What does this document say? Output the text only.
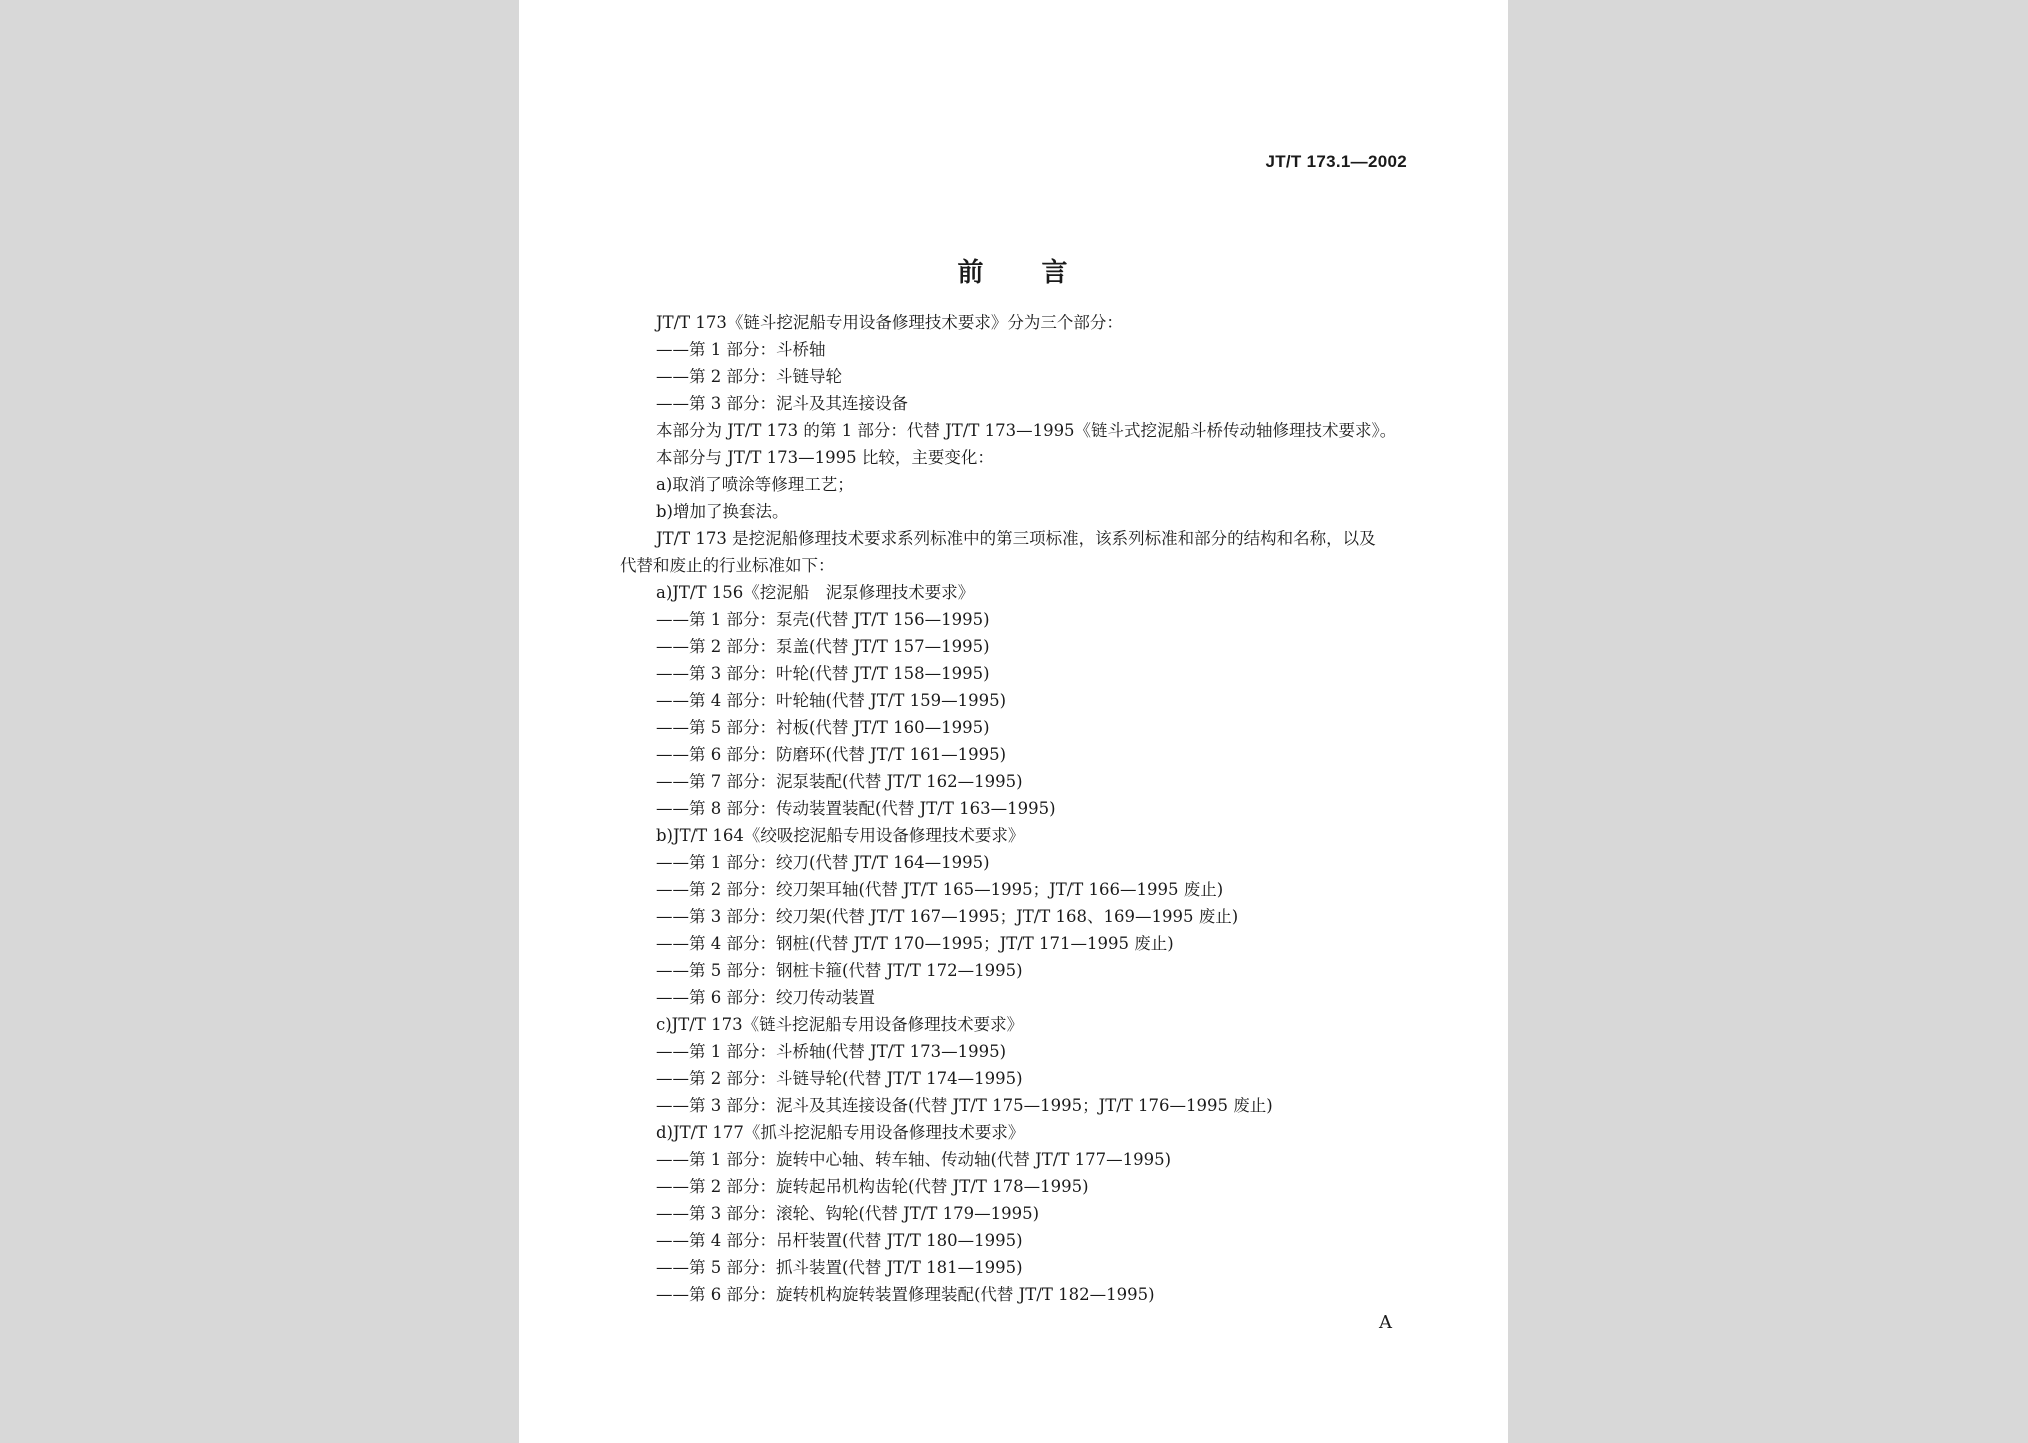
JT/T 173.1—2002
前 言
JT/T 173《链斗挖泥船专用设备修理技术要求》分为三个部分：
——第 1 部分：斗桥轴
——第 2 部分：斗链导轮
——第 3 部分：泥斗及其连接设备
本部分为 JT/T 173 的第 1 部分：代替 JT/T 173—1995《链斗式挖泥船斗桥传动轴修理技术要求》。
本部分与 JT/T 173—1995 比较，主要变化：
a)取消了喷涂等修理工艺；
b)增加了换套法。
JT/T 173 是挖泥船修理技术要求系列标准中的第三项标准，该系列标准和部分的结构和名称，以及
代替和废止的行业标准如下：
a)JT/T 156《挖泥船　泥泵修理技术要求》
——第 1 部分：泵壳(代替 JT/T 156—1995)
——第 2 部分：泵盖(代替 JT/T 157—1995)
——第 3 部分：叶轮(代替 JT/T 158—1995)
——第 4 部分：叶轮轴(代替 JT/T 159—1995)
——第 5 部分：衬板(代替 JT/T 160—1995)
——第 6 部分：防磨环(代替 JT/T 161—1995)
——第 7 部分：泥泵装配(代替 JT/T 162—1995)
——第 8 部分：传动装置装配(代替 JT/T 163—1995)
b)JT/T 164《绞吸挖泥船专用设备修理技术要求》
——第 1 部分：绞刀(代替 JT/T 164—1995)
——第 2 部分：绞刀架耳轴(代替 JT/T 165—1995；JT/T 166—1995 废止)
——第 3 部分：绞刀架(代替 JT/T 167—1995；JT/T 168、169—1995 废止)
——第 4 部分：钢桩(代替 JT/T 170—1995；JT/T 171—1995 废止)
——第 5 部分：钢桩卡箍(代替 JT/T 172—1995)
——第 6 部分：绞刀传动装置
c)JT/T 173《链斗挖泥船专用设备修理技术要求》
——第 1 部分：斗桥轴(代替 JT/T 173—1995)
——第 2 部分：斗链导轮(代替 JT/T 174—1995)
——第 3 部分：泥斗及其连接设备(代替 JT/T 175—1995；JT/T 176—1995 废止)
d)JT/T 177《抓斗挖泥船专用设备修理技术要求》
——第 1 部分：旋转中心轴、转车轴、传动轴(代替 JT/T 177—1995)
——第 2 部分：旋转起吊机构齿轮(代替 JT/T 178—1995)
——第 3 部分：滚轮、钩轮(代替 JT/T 179—1995)
——第 4 部分：吊杆装置(代替 JT/T 180—1995)
——第 5 部分：抓斗装置(代替 JT/T 181—1995)
——第 6 部分：旋转机构旋转装置修理装配(代替 JT/T 182—1995)
A
